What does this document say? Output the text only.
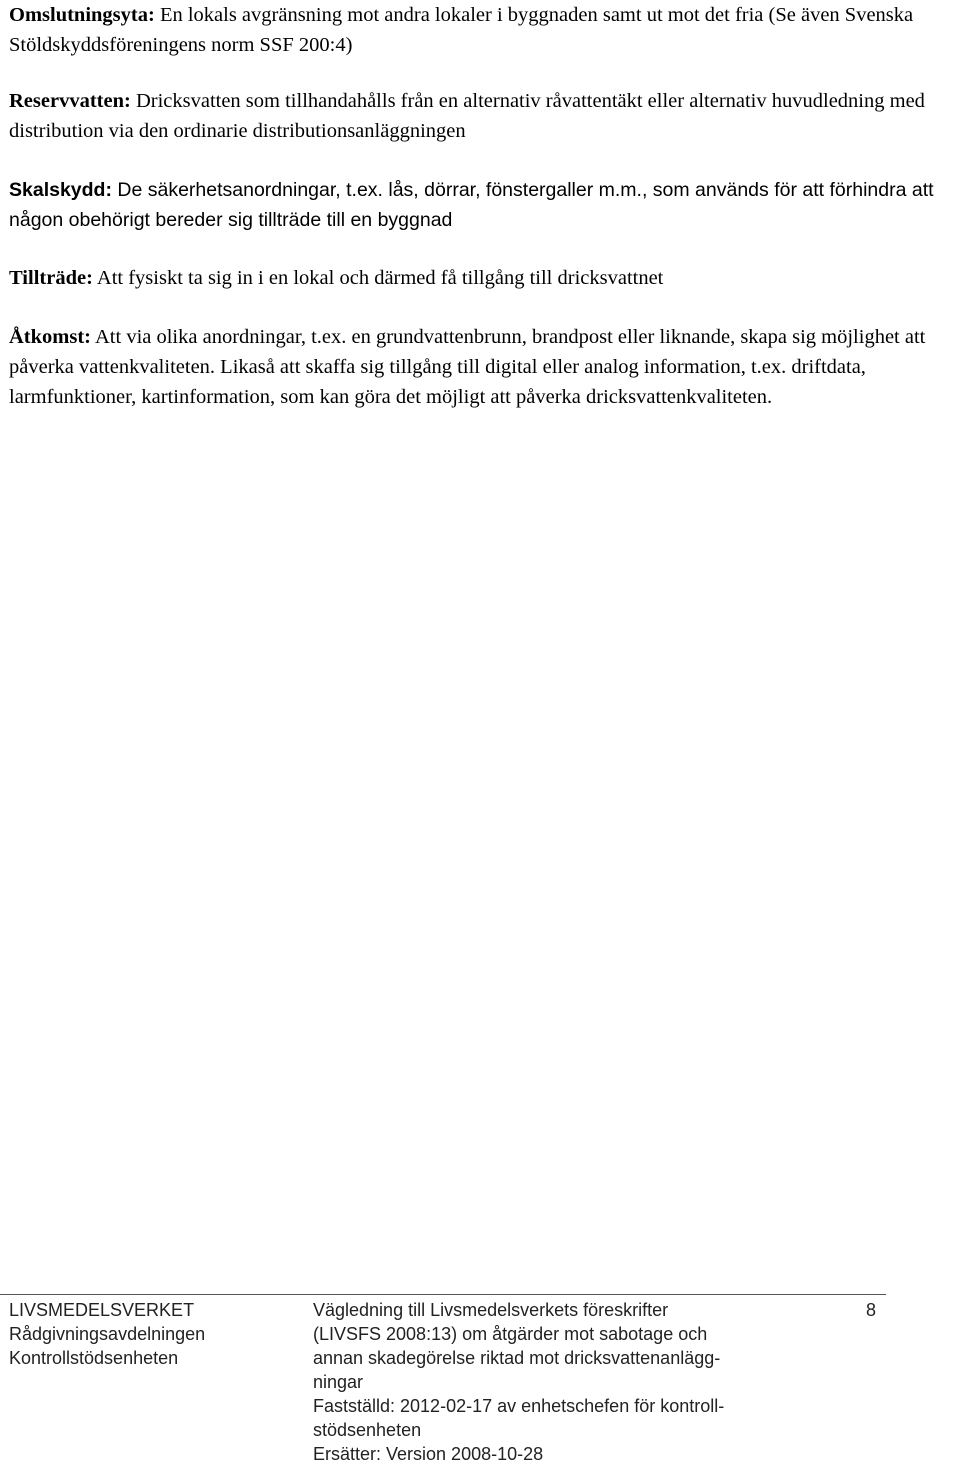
Omslutningsyta: En lokals avgränsning mot andra lokaler i byggnaden samt ut mot det fria (Se även Svenska Stöldskyddsföreningens norm SSF 200:4)

Reservvatten: Dricksvatten som tillhandahålls från en alternativ råvattentäkt eller alternativ huvudledning med distribution via den ordinarie distributionsanläggningen

Skalskydd: De säkerhetsanordningar, t.ex. lås, dörrar, fönstergaller m.m., som används för att förhindra att någon obehörigt bereder sig tillträde till en byggnad

Tillträde: Att fysiskt ta sig in i en lokal och därmed få tillgång till dricksvattnet

Åtkomst: Att via olika anordningar, t.ex. en grundvattenbrunn, brandpost eller liknande, skapa sig möjlighet att påverka vattenkvaliteten. Likaså att skaffa sig tillgång till digital eller analog information, t.ex. driftdata, larmfunktioner, kartinformation, som kan göra det möjligt att påverka dricksvattenkvaliteten.

LIVSMEDELSVERKET
Rådgivningsavdelningen
Kontrollstödsenheten
Vägledning till Livsmedelsverkets föreskrifter
(LIVSFS 2008:13) om åtgärder mot sabotage och
annan skadegörelse riktad mot dricksvattenanlägg-
ningar
Fastställd: 2012-02-17 av enhetschefen för kontroll-
stödsenheten
Ersätter: Version 2008-10-28
8
